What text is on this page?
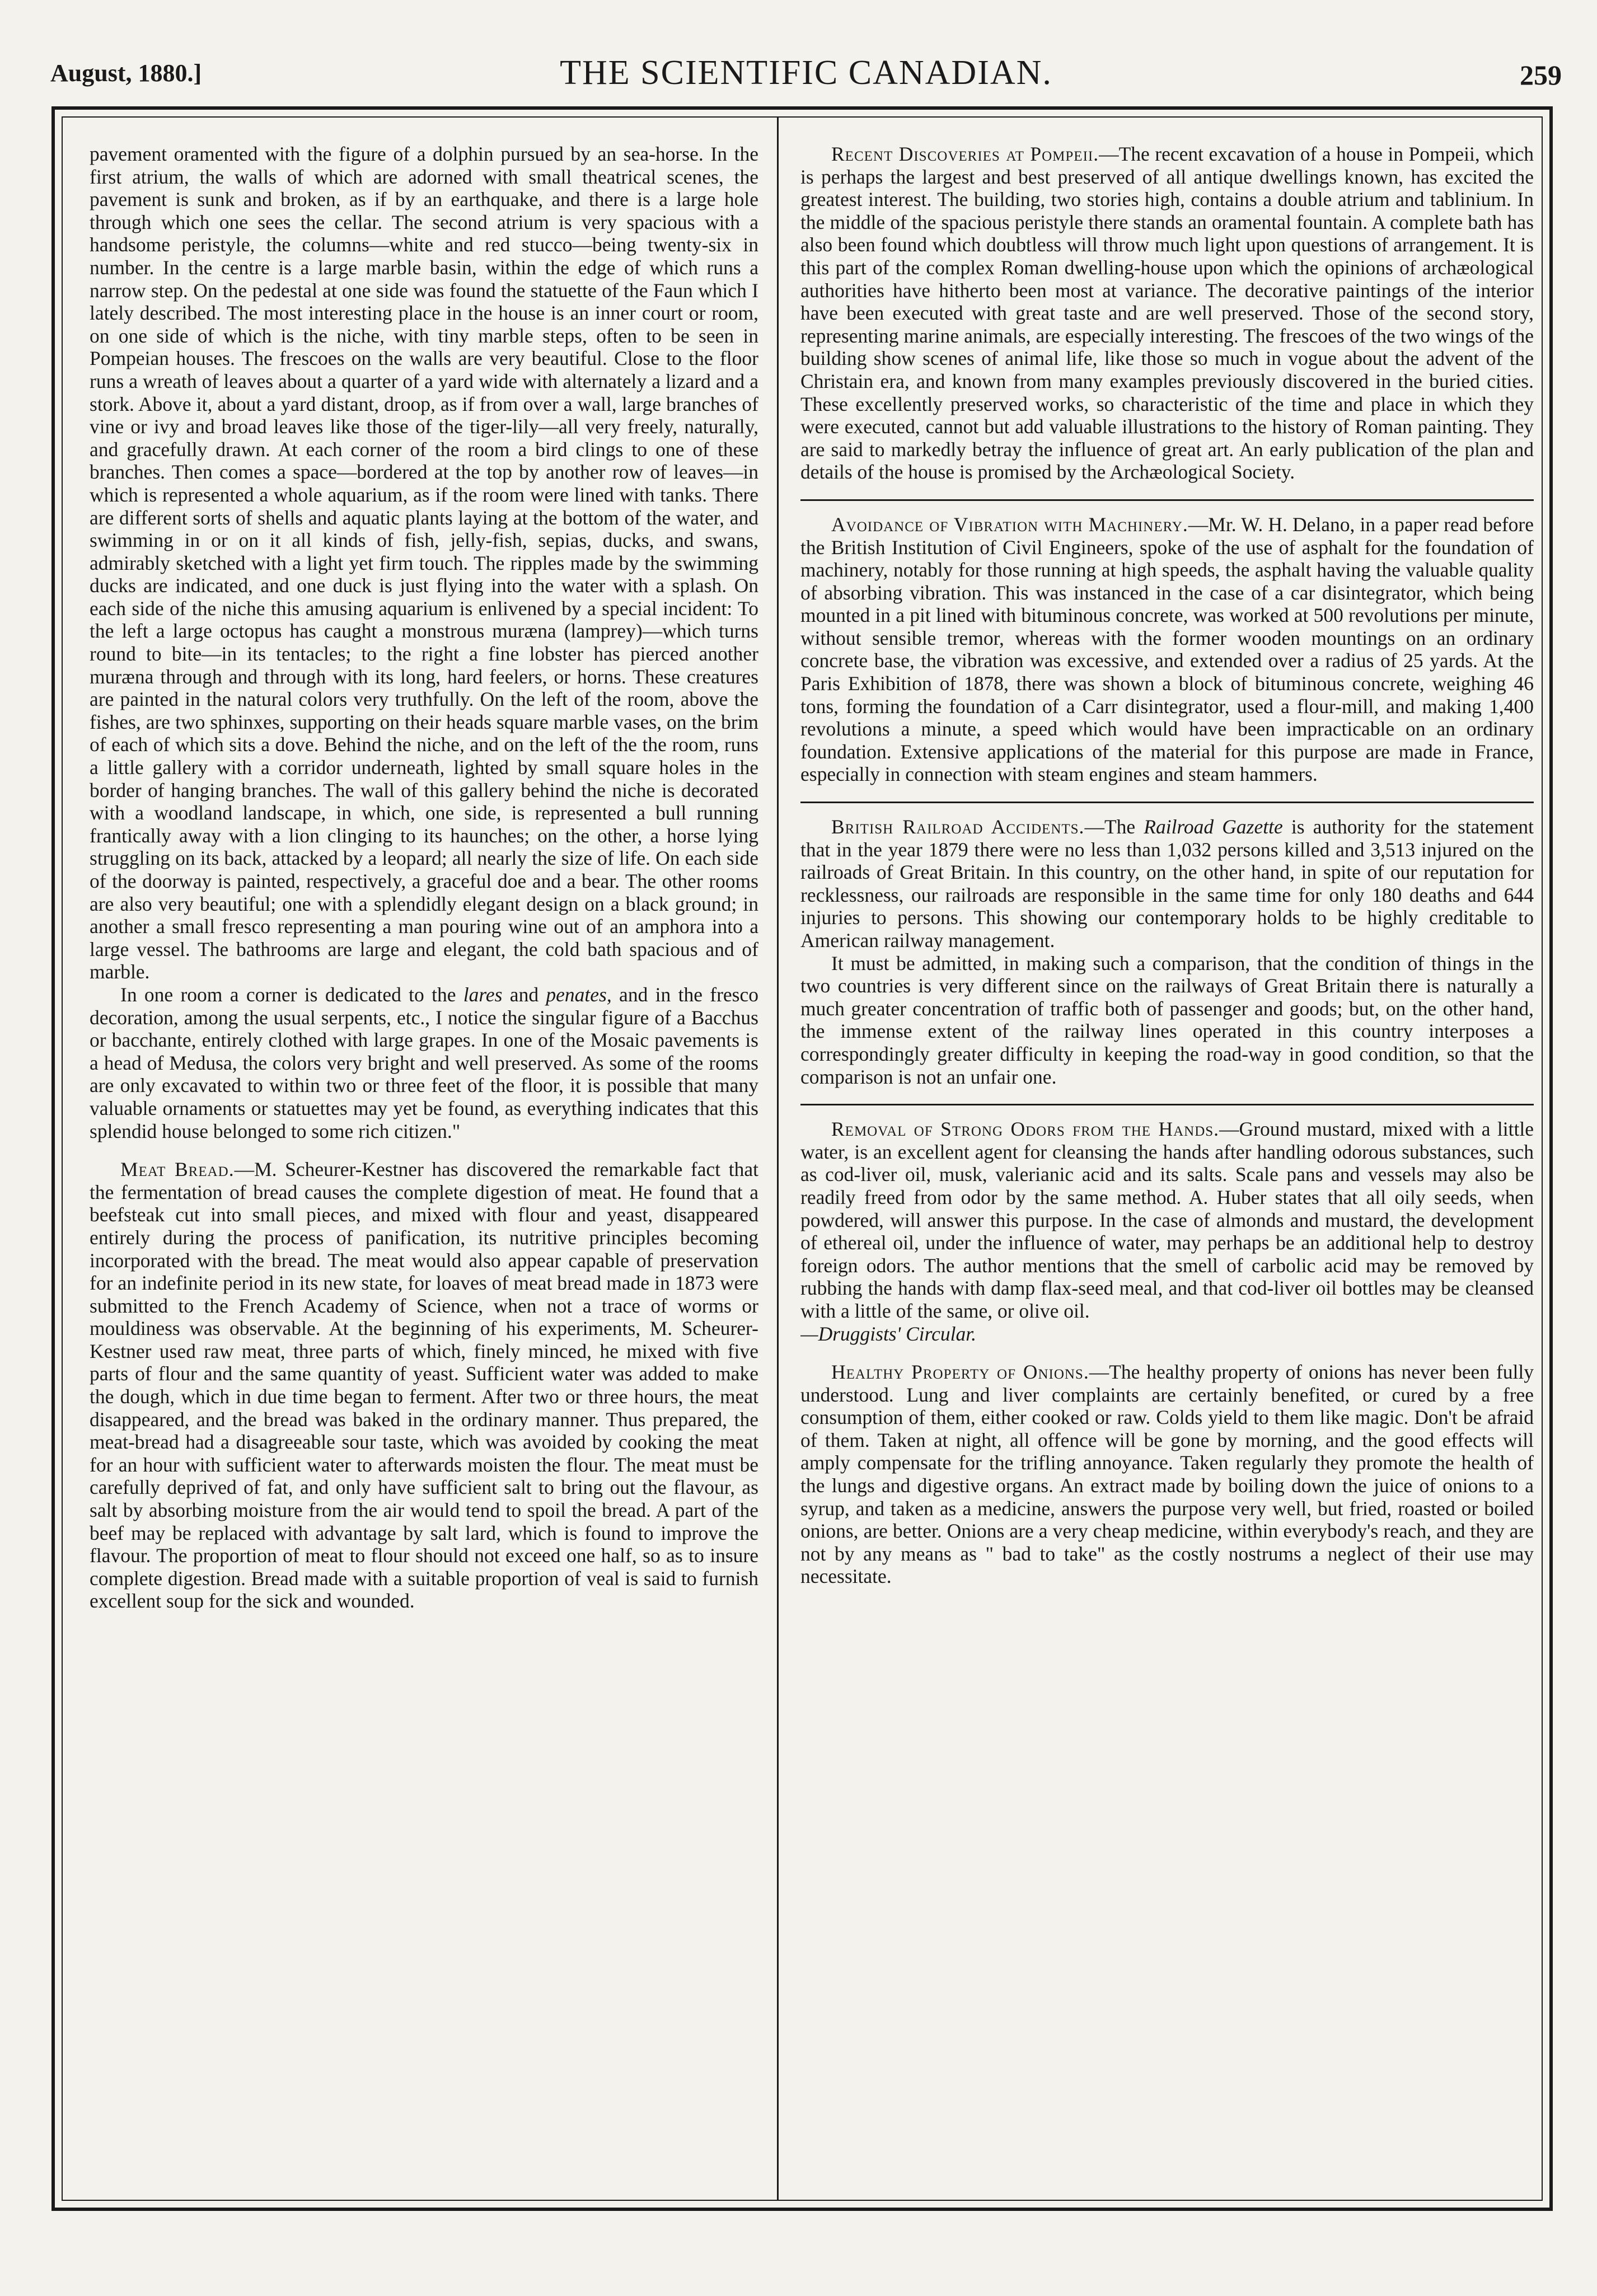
August, 1880.]	THE SCIENTIFIC CANADIAN.	259

pavement oramented with the figure of a dolphin pursued by an sea-horse. In the first atrium, the walls of which are adorned with small theatrical scenes, the pavement is sunk and broken, as if by an earthquake, and there is a large hole through which one sees the cellar. The second atrium is very spacious with a handsome peristyle, the columns—white and red stucco—being twenty-six in number. In the centre is a large marble basin, within the edge of which runs a narrow step. On the pedestal at one side was found the statuette of the Faun which I lately described. The most interesting place in the house is an inner court or room, on one side of which is the niche, with tiny marble steps, often to be seen in Pompeian houses. The frescoes on the walls are very beautiful. Close to the floor runs a wreath of leaves about a quarter of a yard wide with alternately a lizard and a stork. Above it, about a yard distant, droop, as if from over a wall, large branches of vine or ivy and broad leaves like those of the tiger-lily—all very freely, naturally, and gracefully drawn. At each corner of the room a bird clings to one of these branches. Then comes a space—bordered at the top by another row of leaves—in which is represented a whole aquarium, as if the room were lined with tanks. There are different sorts of shells and aquatic plants laying at the bottom of the water, and swimming in or on it all kinds of fish, jelly-fish, sepias, ducks, and swans, admirably sketched with a light yet firm touch. The ripples made by the swimming ducks are indicated, and one duck is just flying into the water with a splash. On each side of the niche this amusing aquarium is enlivened by a special incident: To the left a large octopus has caught a monstrous muræna (lamprey)—which turns round to bite—in its tentacles; to the right a fine lobster has pierced another muræna through and through with its long, hard feelers, or horns. These creatures are painted in the natural colors very truthfully. On the left of the room, above the fishes, are two sphinxes, supporting on their heads square marble vases, on the brim of each of which sits a dove. Behind the niche, and on the left of the the room, runs a little gallery with a corridor underneath, lighted by small square holes in the border of hanging branches. The wall of this gallery behind the niche is decorated with a woodland landscape, in which, one side, is represented a bull running frantically away with a lion clinging to its haunches; on the other, a horse lying struggling on its back, attacked by a leopard; all nearly the size of life. On each side of the doorway is painted, respectively, a graceful doe and a bear. The other rooms are also very beautiful; one with a splendidly elegant design on a black ground; in another a small fresco representing a man pouring wine out of an amphora into a large vessel. The bathrooms are large and elegant, the cold bath spacious and of marble.

In one room a corner is dedicated to the lares and penates, and in the fresco decoration, among the usual serpents, etc., I notice the singular figure of a Bacchus or bacchante, entirely clothed with large grapes. In one of the Mosaic pavements is a head of Medusa, the colors very bright and well preserved. As some of the rooms are only excavated to within two or three feet of the floor, it is possible that many valuable ornaments or statuettes may yet be found, as everything indicates that this splendid house belonged to some rich citizen."

Meat Bread.—M. Scheurer-Kestner has discovered the remarkable fact that the fermentation of bread causes the complete digestion of meat. He found that a beefsteak cut into small pieces, and mixed with flour and yeast, disappeared entirely during the process of panification, its nutritive principles becoming incorporated with the bread. The meat would also appear capable of preservation for an indefinite period in its new state, for loaves of meat bread made in 1873 were submitted to the French Academy of Science, when not a trace of worms or mouldiness was observable. At the beginning of his experiments, M. Scheurer-Kestner used raw meat, three parts of which, finely minced, he mixed with five parts of flour and the same quantity of yeast. Sufficient water was added to make the dough, which in due time began to ferment. After two or three hours, the meat disappeared, and the bread was baked in the ordinary manner. Thus prepared, the meat-bread had a disagreeable sour taste, which was avoided by cooking the meat for an hour with sufficient water to afterwards moisten the flour. The meat must be carefully deprived of fat, and only have sufficient salt to bring out the flavour, as salt by absorbing moisture from the air would tend to spoil the bread. A part of the beef may be replaced with advantage by salt lard, which is found to improve the flavour. The proportion of meat to flour should not exceed one half, so as to insure complete digestion. Bread made with a suitable proportion of veal is said to furnish excellent soup for the sick and wounded.

Recent Discoveries at Pompeii.—The recent excavation of a house in Pompeii, which is perhaps the largest and best preserved of all antique dwellings known, has excited the greatest interest. The building, two stories high, contains a double atrium and tablinium. In the middle of the spacious peristyle there stands an oramental fountain. A complete bath has also been found which doubtless will throw much light upon questions of arrangement. It is this part of the complex Roman dwelling-house upon which the opinions of archæological authorities have hitherto been most at variance. The decorative paintings of the interior have been executed with great taste and are well preserved. Those of the second story, representing marine animals, are especially interesting. The frescoes of the two wings of the building show scenes of animal life, like those so much in vogue about the advent of the Christain era, and known from many examples previously discovered in the buried cities. These excellently preserved works, so characteristic of the time and place in which they were executed, cannot but add valuable illustrations to the history of Roman painting. They are said to markedly betray the influence of great art. An early publication of the plan and details of the house is promised by the Archæological Society.

Avoidance of Vibration with Machinery.—Mr. W. H. Delano, in a paper read before the British Institution of Civil Engineers, spoke of the use of asphalt for the foundation of machinery, notably for those running at high speeds, the asphalt having the valuable quality of absorbing vibration. This was instanced in the case of a car disintegrator, which being mounted in a pit lined with bituminous concrete, was worked at 500 revolutions per minute, without sensible tremor, whereas with the former wooden mountings on an ordinary concrete base, the vibration was excessive, and extended over a radius of 25 yards. At the Paris Exhibition of 1878, there was shown a block of bituminous concrete, weighing 46 tons, forming the foundation of a Carr disintegrator, used a flour-mill, and making 1,400 revolutions a minute, a speed which would have been impracticable on an ordinary foundation. Extensive applications of the material for this purpose are made in France, especially in connection with steam engines and steam hammers.

British Railroad Accidents.—The Railroad Gazette is authority for the statement that in the year 1879 there were no less than 1,032 persons killed and 3,513 injured on the railroads of Great Britain. In this country, on the other hand, in spite of our reputation for recklessness, our railroads are responsible in the same time for only 180 deaths and 644 injuries to persons. This showing our contemporary holds to be highly creditable to American railway management.

It must be admitted, in making such a comparison, that the condition of things in the two countries is very different since on the railways of Great Britain there is naturally a much greater concentration of traffic both of passenger and goods; but, on the other hand, the immense extent of the railway lines operated in this country interposes a correspondingly greater difficulty in keeping the road-way in good condition, so that the comparison is not an unfair one.

Removal of Strong Odors from the Hands.—Ground mustard, mixed with a little water, is an excellent agent for cleansing the hands after handling odorous substances, such as cod-liver oil, musk, valerianic acid and its salts. Scale pans and vessels may also be readily freed from odor by the same method. A. Huber states that all oily seeds, when powdered, will answer this purpose. In the case of almonds and mustard, the development of ethereal oil, under the influence of water, may perhaps be an additional help to destroy foreign odors. The author mentions that the smell of carbolic acid may be removed by rubbing the hands with damp flax-seed meal, and that cod-liver oil bottles may be cleansed with a little of the same, or olive oil.

—Druggists' Circular.

Healthy Property of Onions.—The healthy property of onions has never been fully understood. Lung and liver complaints are certainly benefited, or cured by a free consumption of them, either cooked or raw. Colds yield to them like magic. Don't be afraid of them. Taken at night, all offence will be gone by morning, and the good effects will amply compensate for the trifling annoyance. Taken regularly they promote the health of the lungs and digestive organs. An extract made by boiling down the juice of onions to a syrup, and taken as a medicine, answers the purpose very well, but fried, roasted or boiled onions, are better. Onions are a very cheap medicine, within everybody's reach, and they are not by any means as " bad to take" as the costly nostrums a neglect of their use may necessitate.
